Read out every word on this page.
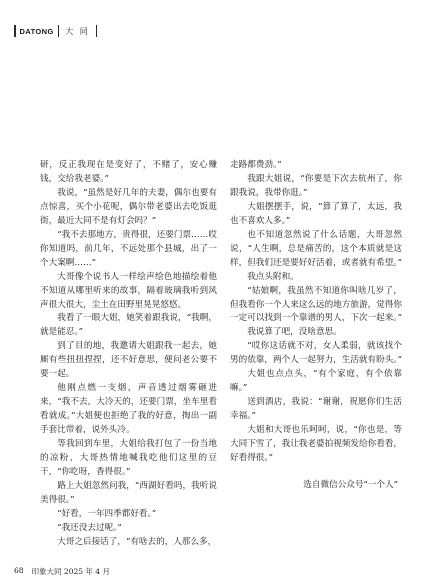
DATONG	大 同

研，反正我现在是变好了，不赌了，安心赚钱，交给我老婆。”

我说，“虽然是好几年的夫妻，偶尔也要有点惊喜，买个小花呢，偶尔带老婆出去吃饭逛街，最近大同不是有灯会吗？”

“我不去那地方，贵得很，还要门票……哎你知道吗，前几年，不远处那个县城，出了一个大案啊……”

大哥像个说书人一样绘声绘色地描绘着他不知道从哪里听来的故事，隔着玻璃我听到风声很大很大，尘土在田野里晃晃悠悠。

我看了一眼大姐，她笑着跟我说，“我啊，就是能忍。”

到了目的地，我邀请大姐跟我一起去，她厮有些扭扭捏捏，还不好意思，便问老公要不要一起。

他刚点燃一支烟，声音透过烟雾砸进来，“我不去，大冷天的，还要门票，坐车里看看就成。”大姐便也拒绝了我的好意，掏出一副手套比带着，说外头冷。

等我回到车里，大姐给我打包了一份当地的凉粉，大哥热情地喊我吃他们这里的豆干，“你吃呀，香得很。”

路上大姐忽然问我，“西湖好看吗，我听说美得很。”

“好看，一年四季都好看。”

“我还没去过呢。”

大哥之后接话了，“有啥去的，人那么多，

走路都费劲。”

我跟大姐说，“你要是下次去杭州了，你跟我说，我带你逛。”

大姐摆摆手，说，“算了算了，太远，我也不喜欢人多。”

也不知道忽然说了什么话题，大哥忽然说，“人生啊，总是痛苦的，这个本质就是这样，但我们还是要好好活着，或者就有希望。”

我点头附和。

“姑娘啊，我虽然不知道你叫啥几岁了，但我看你一个人来这么远的地方旅游，觉得你一定可以找到一个靠谱的男人，下次一起来。”

我说算了吧，没啥意思。

“哎你这话就不对，女人柔弱，就该找个男的依靠，两个人一起努力，生活就有盼头。”

大姐也点点头，“有个家庭，有个依靠嘛。”

送到酒店，我说：“谢谢，祝愿你们生活幸福。”

大姐和大哥也乐呵呵，说，“你也是，等大同下雪了，我让我老婆拍视频发给你看看，好看得很。”

选自微信公众号“一个人”

68 印象大同 2025 年 4 月
